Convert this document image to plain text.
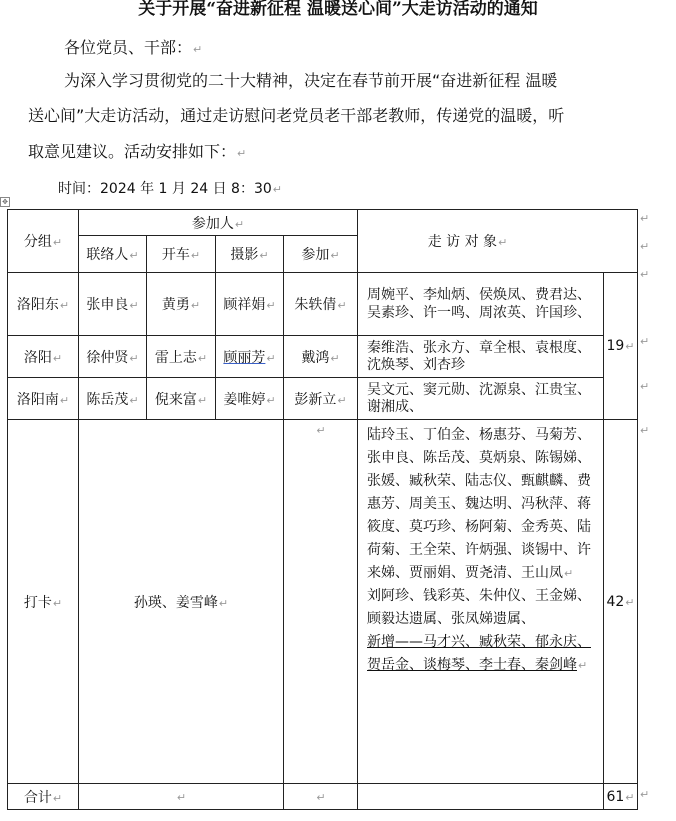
关于开展“奋进新征程 温暖送心间”大走访活动的通知
各位党员、干部：↵
为深入学习贯彻党的二十大精神，决定在春节前开展“奋进新征程 温暖
送心间”大走访活动，通过走访慰问老党员老干部老教师，传递党的温暖，听
取意见建议。活动安排如下：↵
时间：2024 年 1 月 24 日 8：30↵
✥
分组↵	参加人↵				走 访 对 象↵	
	联络人↵	开车↵	摄影↵	参加↵		
洛阳东↵	张申良↵	黄勇↵	顾祥娟↵	朱轶倩↵	周婉平、李灿炳、侯焕凤、费君达、吴素珍、许一鸣、周浓英、许国珍、	19↵
洛阳↵	徐仲贤↵	雷上志↵	顾丽芳↵	戴鸿↵	秦维浩、张永方、章全根、袁根度、沈焕琴、刘杏珍	

洛阳南↵	陈岳茂↵	倪来富↵	姜唯婷↵	彭新立↵	吴文元、窦元勋、沈源泉、江贵宝、谢湘成、	

打卡↵	孙瑛、姜雪峰↵			↵	陆玲玉、丁伯金、杨惠芬、马菊芳、张申良、陈岳茂、莫炳泉、陈锡娣、张媛、臧秋荣、陆志仪、甄麒麟、费惠芳、周美玉、魏达明、冯秋萍、蒋筱度、莫巧珍、杨阿菊、金秀英、陆荷菊、王全荣、许炳强、谈锡中、许来娣、贾丽娟、贾尧清、王山凤↵
刘阿珍、钱彩英、朱仲仪、王金娣、顾毅达遗属、张凤娣遗属、
新增——马才兴、臧秋荣、郁永庆、贺岳金、谈梅琴、李士春、秦剑峰↵	42↵
合计↵	↵			↵		61↵
↵
↵
↵
↵
↵
↵
↵
